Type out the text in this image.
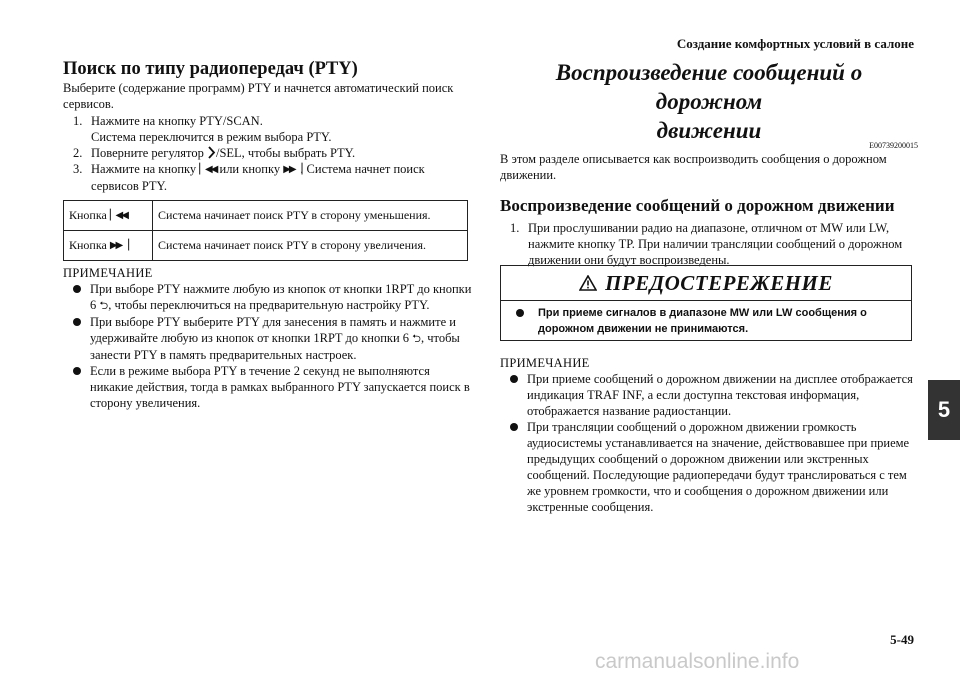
Создание комфортных условий в салоне
5
5-49
Поиск по типу радиопередач (PTY)

Выберите (содержание программ) PTY и начнется автоматический поиск сервисов.

1. Нажмите на кнопку PTY/SCAN.
Система переключится в режим выбора PTY.
2. Поверните регулятор /SEL, чтобы выбрать PTY.
3. Нажмите на кнопку ▏◀◀ или кнопку ▶▶▕. Система начнет поиск сервисов PTY.
Кнопка ▏◀◀	Система начинает поиск PTY в сторону уменьшения.
Кнопка ▶▶▕	Система начинает поиск PTY в сторону увеличения.

ПРИМЕЧАНИЕ

При выборе PTY нажмите любую из кнопок от кнопки 1RPT до кнопки 6 ⮌, чтобы переключиться на предварительную настройку PTY.
При выборе PTY выберите PTY для занесения в память и нажмите и удерживайте любую из кнопок от кнопки 1RPT до кнопки 6 ⮌, чтобы занести PTY в память предварительных настроек.
Если в режиме выбора PTY в течение 2 секунд не выполняются никакие действия, тогда в рамках выбранного PTY запускается поиск в сторону увеличения.
Воспроизведение сообщений о дорожном
движении
E00739200015

В этом разделе описывается как воспроизводить сообщения о дорожном движении.

Воспроизведение сообщений о дорожном движении
1. При прослушивании радио на диапазоне, отличном от MW или LW, нажмите кнопку TP. При наличии трансляции сообщений о дорожном движении они будут воспроизведены.
ПРЕДОСТЕРЕЖЕНИЕ
При приеме сигналов в диапазоне MW или LW сообщения о дорожном движении не принимаются.

ПРИМЕЧАНИЕ

При приеме сообщений о дорожном движении на дисплее отображается индикация TRAF INF, а если доступна текстовая информация, отображается название радиостанции.
При трансляции сообщений о дорожном движении громкость аудиосистемы устанавливается на значение, действовавшее при приеме предыдущих сообщений о дорожном движении или экстренных сообщений. Последующие радиопередачи будут транслироваться с тем же уровнем громкости, что и сообщения о дорожном движении или экстренные сообщения.
carmanualsonline.info
